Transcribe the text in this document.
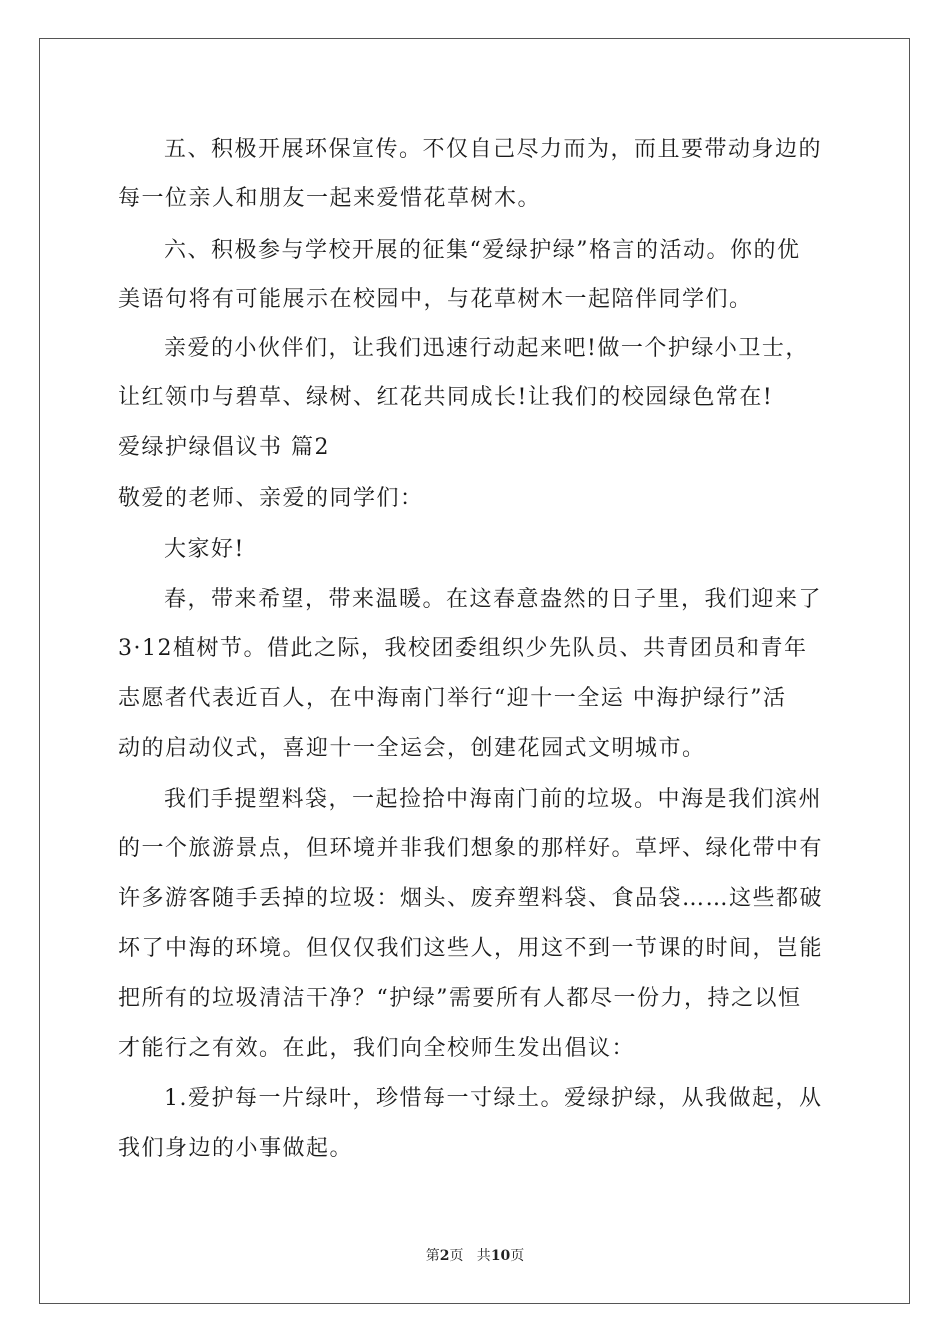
五、积极开展环保宣传。不仅自己尽力而为，而且要带动身边的
每一位亲人和朋友一起来爱惜花草树木。
六、积极参与学校开展的征集“爱绿护绿”格言的活动。你的优
美语句将有可能展示在校园中，与花草树木一起陪伴同学们。
亲爱的小伙伴们，让我们迅速行动起来吧!做一个护绿小卫士，
让红领巾与碧草、绿树、红花共同成长!让我们的校园绿色常在!
爱绿护绿倡议书 篇2
敬爱的老师、亲爱的同学们：
大家好!
春，带来希望，带来温暖。在这春意盎然的日子里，我们迎来了
3·12植树节。借此之际，我校团委组织少先队员、共青团员和青年
志愿者代表近百人，在中海南门举行“迎十一全运 中海护绿行”活
动的启动仪式，喜迎十一全运会，创建花园式文明城市。
我们手提塑料袋，一起捡拾中海南门前的垃圾。中海是我们滨州
的一个旅游景点，但环境并非我们想象的那样好。草坪、绿化带中有
许多游客随手丢掉的垃圾：烟头、废弃塑料袋、食品袋……这些都破
坏了中海的环境。但仅仅我们这些人，用这不到一节课的时间，岂能
把所有的垃圾清洁干净？“护绿”需要所有人都尽一份力，持之以恒
才能行之有效。在此，我们向全校师生发出倡议：
1.爱护每一片绿叶，珍惜每一寸绿土。爱绿护绿，从我做起，从
我们身边的小事做起。
第2页   共10页
